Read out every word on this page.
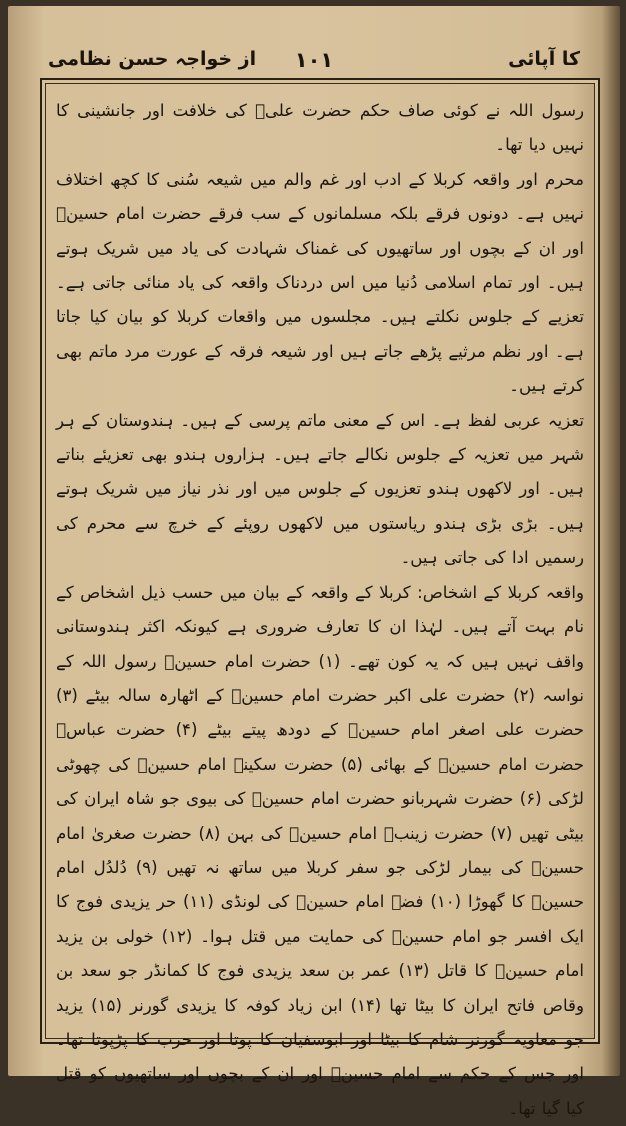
کا آپائی
۱۰۱
از خواجہ حسن نظامی

رسول اللہ نے کوئی صاف حکم حضرت علیؓ کی خلافت اور جانشینی کا نہیں دیا تھا۔

محرم اور واقعہ کربلا کے ادب اور غم والم میں شیعہ سُنی کا کچھ اختلاف نہیں ہے۔ دونوں فرقے بلکہ مسلمانوں کے سب فرقے حضرت امام حسینؓ اور ان کے بچوں اور ساتھیوں کی غمناک شہادت کی یاد میں شریک ہوتے ہیں۔ اور تمام اسلامی دُنیا میں اس دردناک واقعہ کی یاد منائی جاتی ہے۔ تعزیے کے جلوس نکلتے ہیں۔ مجلسوں میں واقعات کربلا کو بیان کیا جاتا ہے۔ اور نظم مرثیے پڑھے جاتے ہیں اور شیعہ فرقہ کے عورت مرد ماتم بھی کرتے ہیں۔

تعزیہ عربی لفظ ہے۔ اس کے معنی ماتم پرسی کے ہیں۔ ہندوستان کے ہر شہر میں تعزیہ کے جلوس نکالے جاتے ہیں۔ ہزاروں ہندو بھی تعزیئے بناتے ہیں۔ اور لاکھوں ہندو تعزیوں کے جلوس میں اور نذر نیاز میں شریک ہوتے ہیں۔ بڑی بڑی ہندو ریاستوں میں لاکھوں روپئے کے خرچ سے محرم کی رسمیں ادا کی جاتی ہیں۔

واقعہ کربلا کے اشخاص: کربلا کے واقعہ کے بیان میں حسب ذیل اشخاص کے نام بہت آتے ہیں۔ لہٰذا ان کا تعارف ضروری ہے کیونکہ اکثر ہندوستانی واقف نہیں ہیں کہ یہ کون تھے۔ (۱) حضرت امام حسینؓ رسول اللہ کے نواسہ (۲) حضرت علی اکبر حضرت امام حسینؓ کے اٹھارہ سالہ بیٹے (۳) حضرت علی اصغر امام حسینؓ کے دودھ پیتے بیٹے (۴) حضرت عباسؓ حضرت امام حسینؓ کے بھائی (۵) حضرت سکینہ امام حسینؓ کی چھوٹی لڑکی (۶) حضرت شہربانو حضرت امام حسینؓ کی بیوی جو شاہ ایران کی بیٹی تھیں (۷) حضرت زینبؓ امام حسینؓ کی بہن (۸) حضرت صغریٰ امام حسینؓ کی بیمار لڑکی جو سفر کربلا میں ساتھ نہ تھیں (۹) دُلدُل امام حسینؓ کا گھوڑا (۱۰) فضہ امام حسینؓ کی لونڈی (۱۱) حر یزیدی فوج کا ایک افسر جو امام حسینؓ کی حمایت میں قتل ہوا۔ (۱۲) خولی بن یزید امام حسینؓ کا قاتل (۱۳) عمر بن سعد یزیدی فوج کا کمانڈر جو سعد بن وقاص فاتح ایران کا بیٹا تھا (۱۴) ابن زیاد کوفہ کا یزیدی گورنر (۱۵) یزید جو معاویہ گورنر شام کا بیٹا اور ابوسفیان کا پوتا اور حرب کا پڑپوتا تھا۔ اور جس کے حکم سے امام حسینؓ اور ان کے بچوں اور ساتھیوں کو قتل کیا گیا تھا۔
